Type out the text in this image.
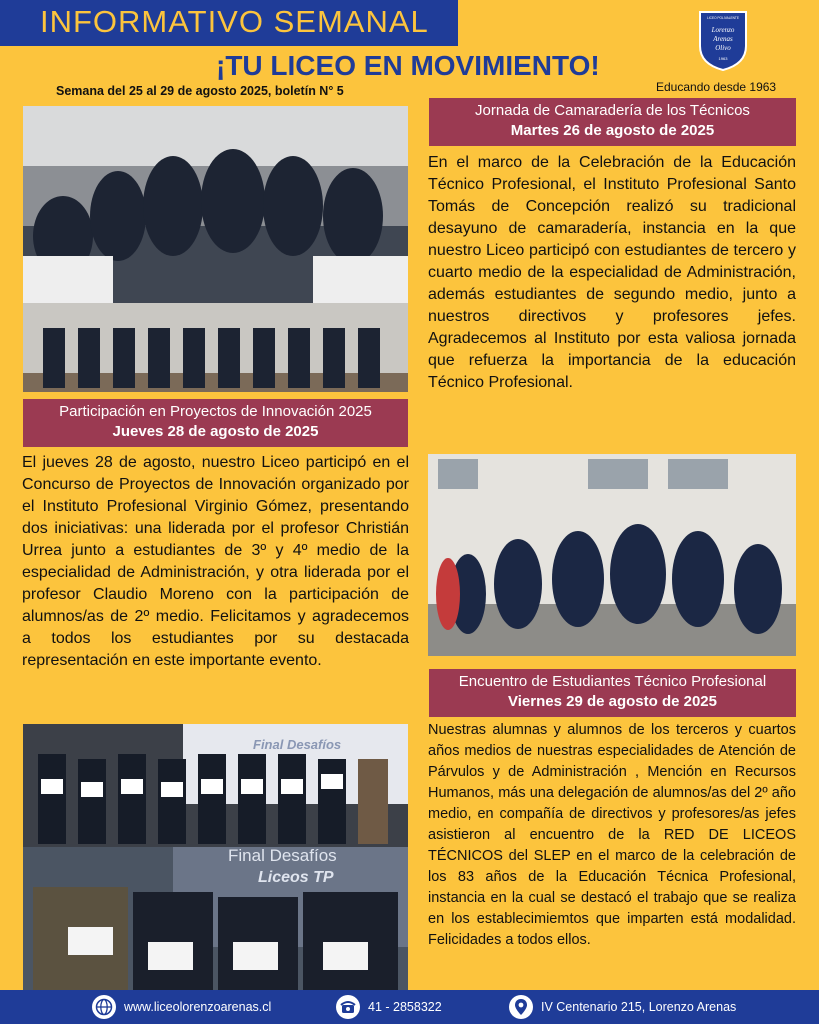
INFORMATIVO SEMANAL
¡TU LICEO EN MOVIMIENTO!
Semana del 25 al 29 de agosto 2025, boletín N° 5
LICEO POLIVALENTE
Lorenzo
Arenas
Olivo
1963
Educando desde 1963
Jornada de Camaradería de los Técnicos
Martes 26 de agosto de 2025
En el marco de la Celebración de la Educación Técnico Profesional, el Instituto Profesional Santo Tomás de Concepción realizó su tradicional desayuno de camaradería, instancia en la que nuestro Liceo participó con estudiantes de tercero y cuarto medio de la especialidad de Administración, además estudiantes de segundo medio, junto a nuestros directivos y profesores jefes. Agradecemos al Instituto por esta valiosa jornada que refuerza la importancia de la educación Técnico Profesional.
Participación en Proyectos de Innovación 2025
Jueves 28 de agosto de 2025
El jueves 28 de agosto, nuestro Liceo participó en el Concurso de Proyectos de Innovación organizado por el Instituto Profesional Virginio Gómez, presentando dos iniciativas: una liderada por el profesor Christián Urrea junto a estudiantes de 3º y 4º medio de la especialidad de Administración, y otra liderada por el profesor Claudio Moreno con la participación de alumnos/as de 2º medio. Felicitamos y agradecemos a todos los estudiantes por su destacada representación en este importante evento.
Final Desafíos
Final Desafíos
Liceos TP
Encuentro de Estudiantes Técnico Profesional
Viernes 29 de agosto de 2025
Nuestras alumnas y alumnos de los terceros y cuartos años medios de nuestras especialidades de Atención de Párvulos y de Administración , Mención en Recursos Humanos, más una delegación de alumnos/as del 2º año medio, en compañía de directivos y profesores/as jefes asistieron al encuentro de la RED DE LICEOS TÉCNICOS del SLEP en el marco de la celebración de los 83 años de la Educación Técnica Profesional, instancia en la cual se destacó el trabajo que se realiza en los establecimiemtos que imparten está modalidad. Felicidades a todos ellos.
www.liceolorenzoarenas.cl	41 - 2858322	IV Centenario 215, Lorenzo Arenas
